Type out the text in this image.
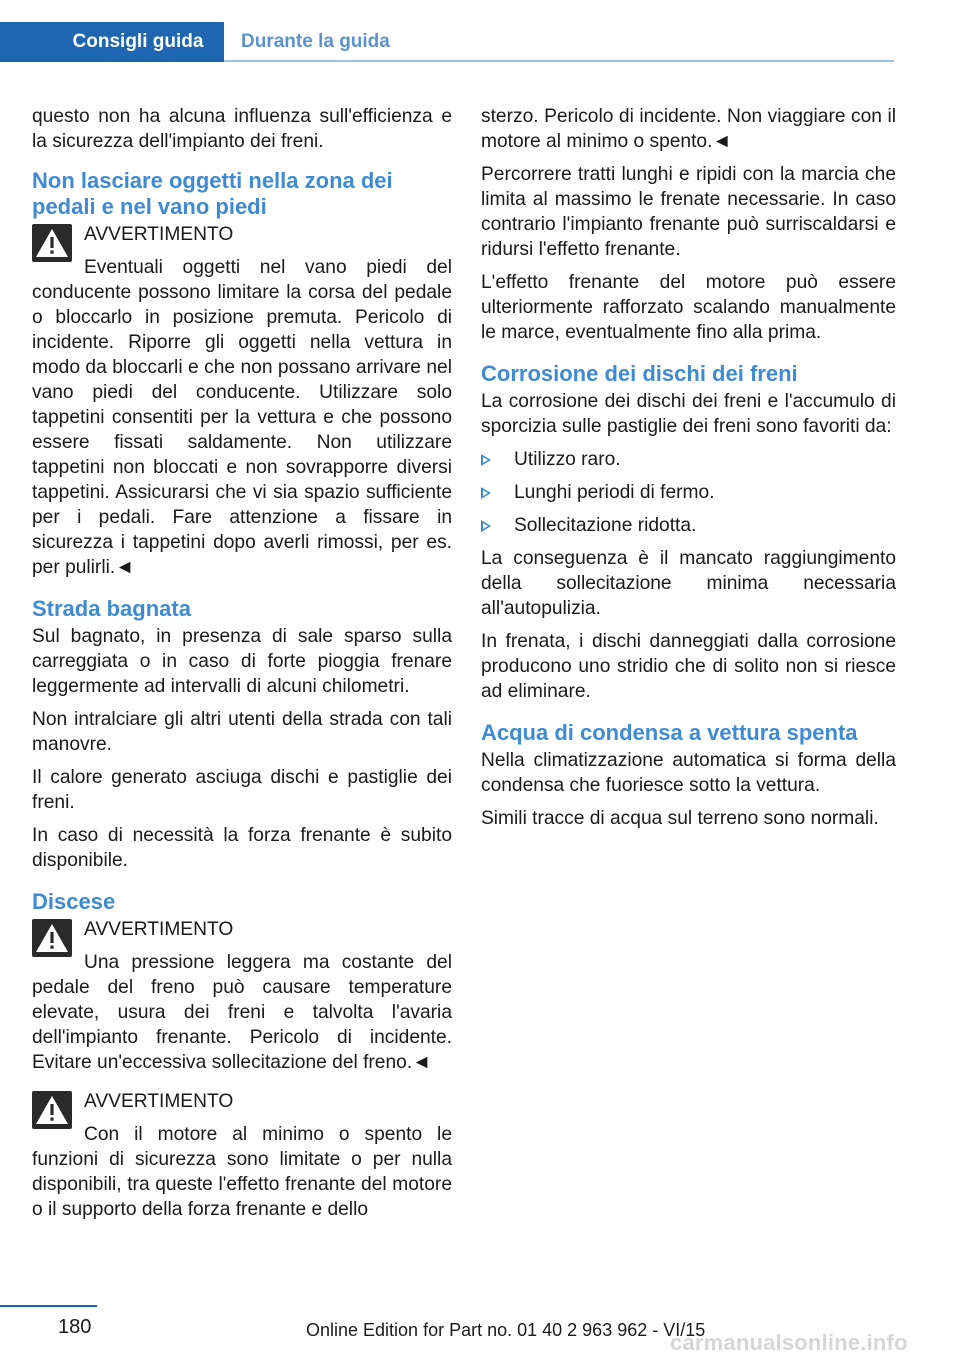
Consigli guida	Durante la guida

questo non ha alcuna influenza sull'efficienza e la sicurezza dell'impianto dei freni.

Non lasciare oggetti nella zona dei pedali e nel vano piedi
AVVERTIMENTO

Eventuali oggetti nel vano piedi del conducente possono limitare la corsa del pedale o bloccarlo in posizione premuta. Pericolo di incidente. Riporre gli oggetti nella vettura in modo da bloccarli e che non possano arrivare nel vano piedi del conducente. Utilizzare solo tappetini consentiti per la vettura e che possono essere fissati saldamente. Non utilizzare tappetini non bloccati e non sovrapporre diversi tappetini. Assicurarsi che vi sia spazio sufficiente per i pedali. Fare attenzione a fissare in sicurezza i tappetini dopo averli rimossi, per es. per pulirli.◄

Strada bagnata

Sul bagnato, in presenza di sale sparso sulla carreggiata o in caso di forte pioggia frenare leggermente ad intervalli di alcuni chilometri.

Non intralciare gli altri utenti della strada con tali manovre.

Il calore generato asciuga dischi e pastiglie dei freni.

In caso di necessità la forza frenante è subito disponibile.

Discese
AVVERTIMENTO

Una pressione leggera ma costante del pedale del freno può causare temperature elevate, usura dei freni e talvolta l'avaria dell'impianto frenante. Pericolo di incidente. Evitare un'eccessiva sollecitazione del freno.◄

AVVERTIMENTO

Con il motore al minimo o spento le funzioni di sicurezza sono limitate o per nulla disponibili, tra queste l'effetto frenante del motore o il supporto della forza frenante e dello

sterzo. Pericolo di incidente. Non viaggiare con il motore al minimo o spento.◄

Percorrere tratti lunghi e ripidi con la marcia che limita al massimo le frenate necessarie. In caso contrario l'impianto frenante può surriscaldarsi e ridursi l'effetto frenante.

L'effetto frenante del motore può essere ulteriormente rafforzato scalando manualmente le marce, eventualmente fino alla prima.

Corrosione dei dischi dei freni

La corrosione dei dischi dei freni e l'accumulo di sporcizia sulle pastiglie dei freni sono favoriti da:

Utilizzo raro.
Lunghi periodi di fermo.
Sollecitazione ridotta.

La conseguenza è il mancato raggiungimento della sollecitazione minima necessaria all'autopulizia.

In frenata, i dischi danneggiati dalla corrosione producono uno stridio che di solito non si riesce ad eliminare.

Acqua di condensa a vettura spenta

Nella climatizzazione automatica si forma della condensa che fuoriesce sotto la vettura.

Simili tracce di acqua sul terreno sono normali.

180	Online Edition for Part no. 01 40 2 963 962 - VI/15
carmanualsonline.info
